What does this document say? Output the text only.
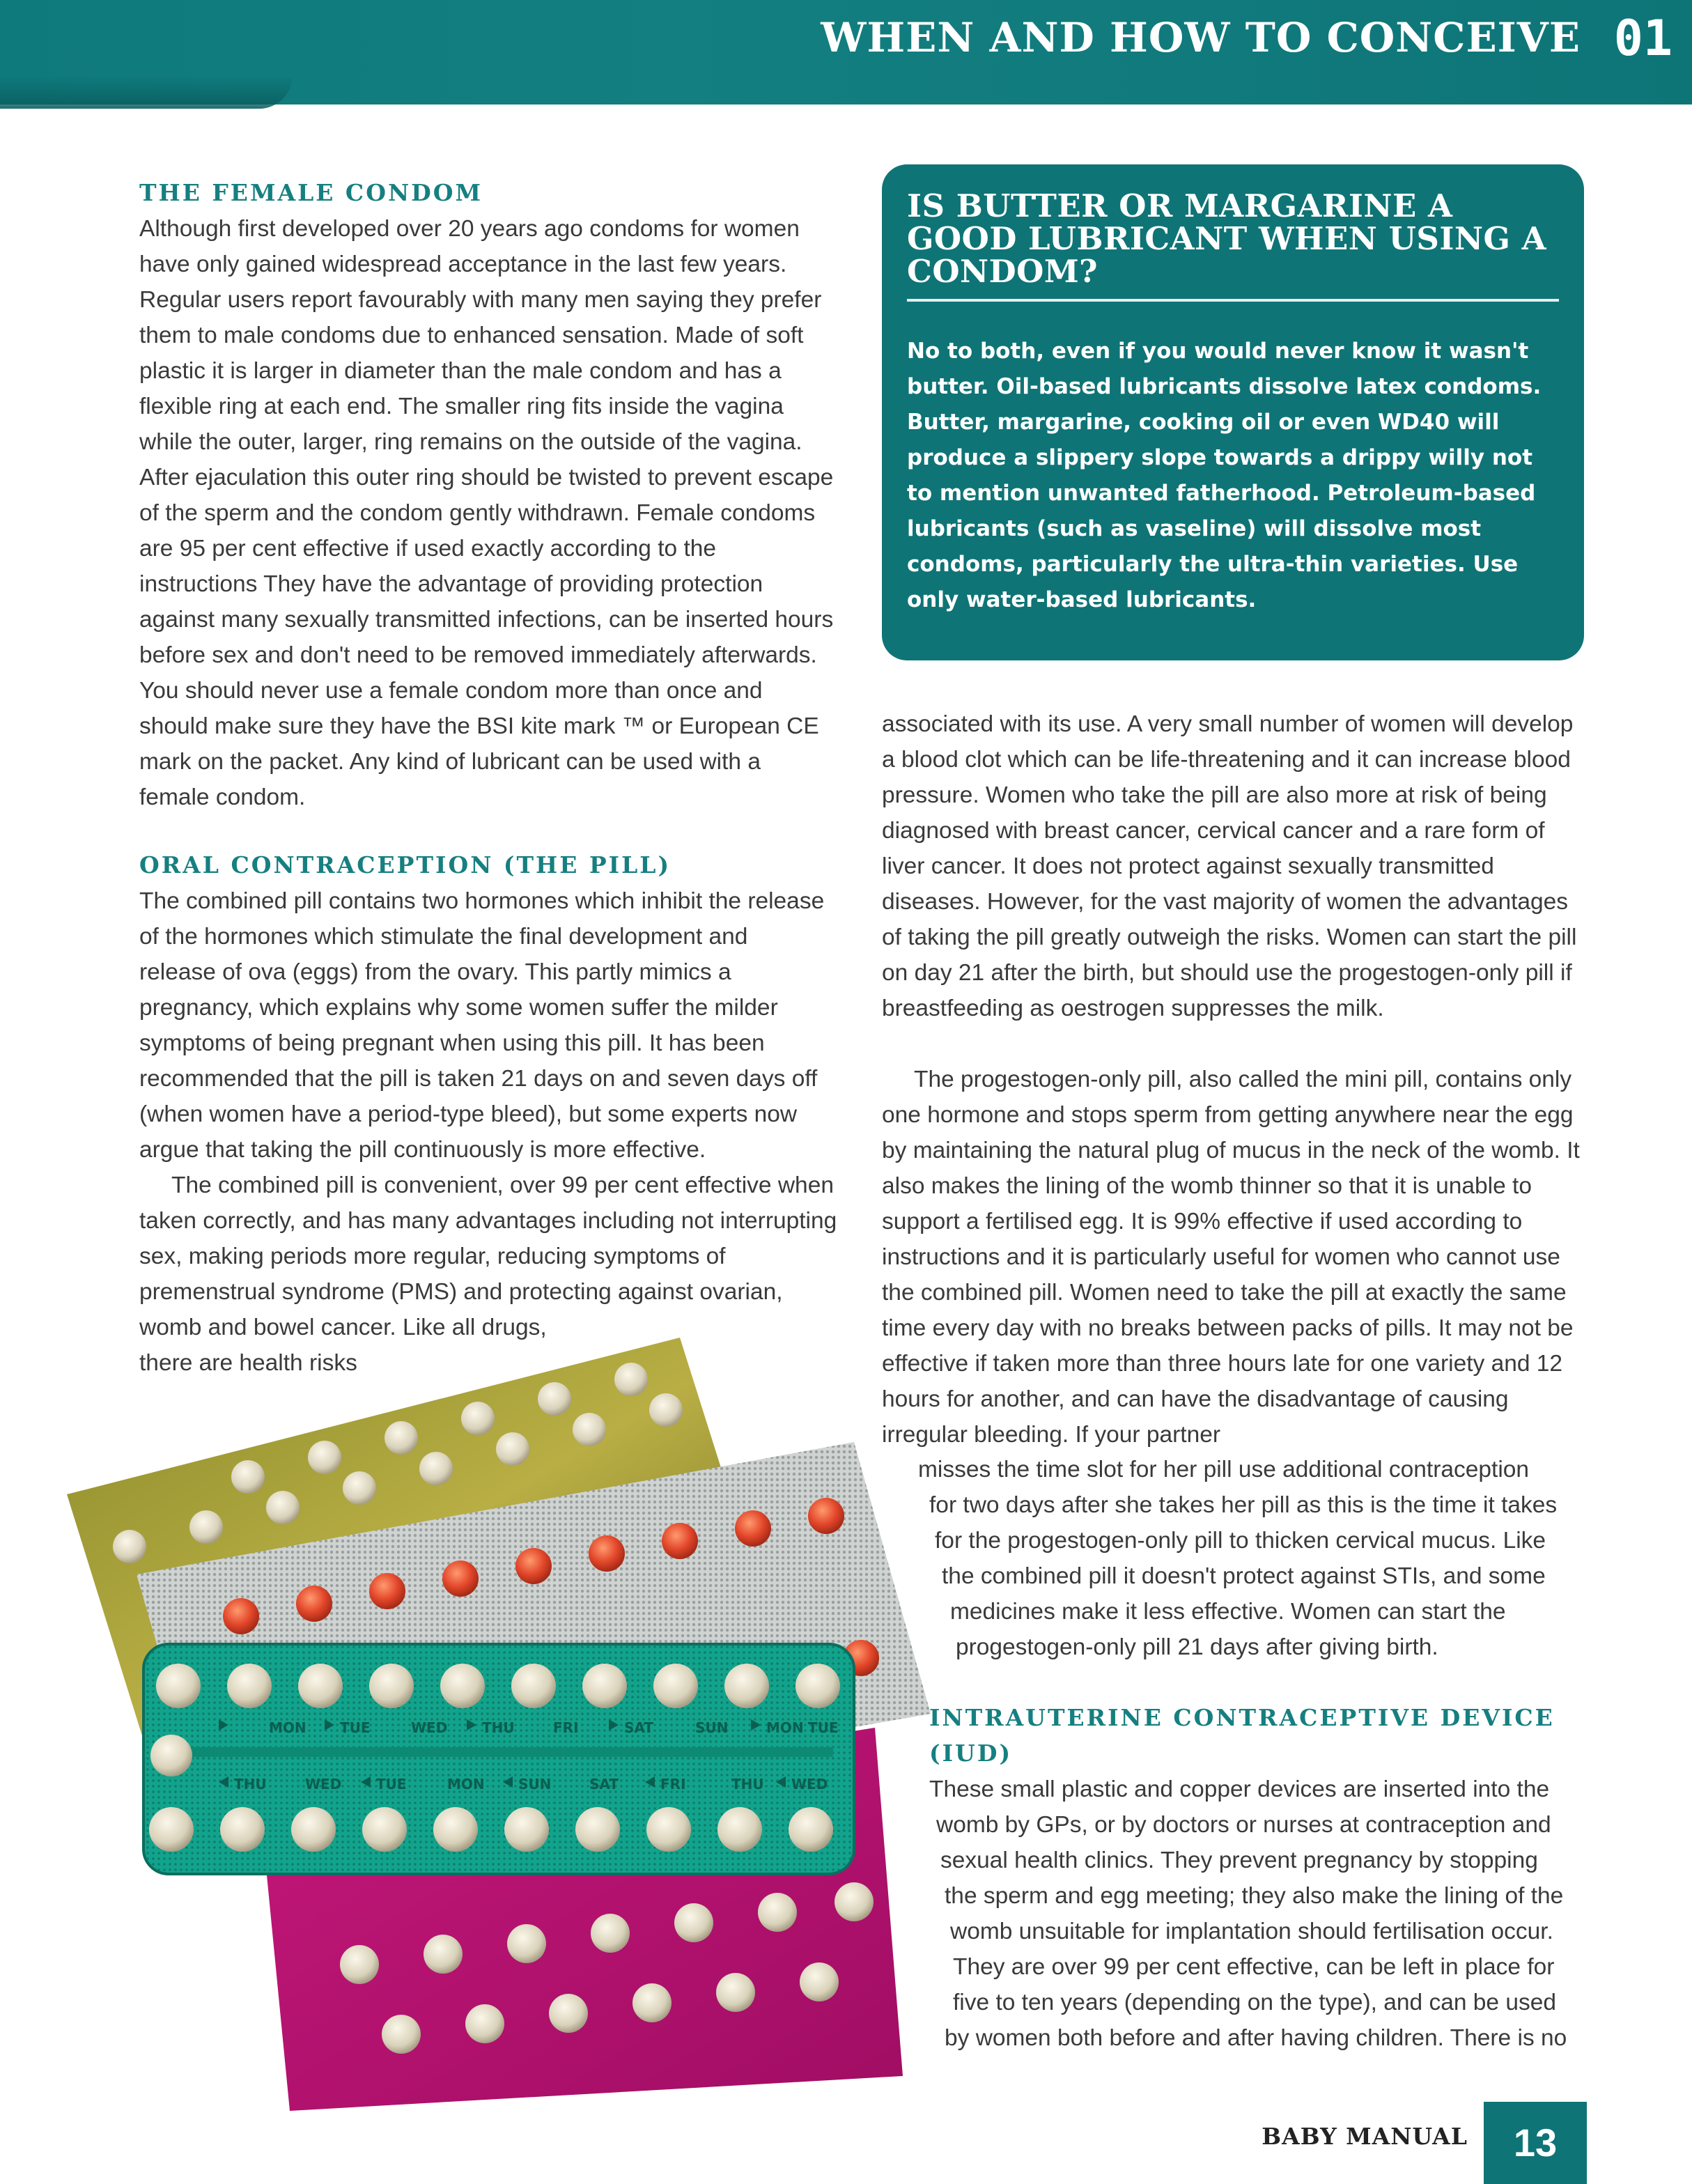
WHEN AND HOW TO CONCEIVE 01
THE FEMALE CONDOM

Although first developed over 20 years ago condoms for women have only gained widespread acceptance in the last few years. Regular users report favourably with many men saying they prefer them to male condoms due to enhanced sensation. Made of soft plastic it is larger in diameter than the male condom and has a flexible ring at each end. The smaller ring fits inside the vagina while the outer, larger, ring remains on the outside of the vagina. After ejaculation this outer ring should be twisted to prevent escape of the sperm and the condom gently withdrawn. Female condoms are 95 per cent effective if used exactly according to the instructions They have the advantage of providing protection against many sexually transmitted infections, can be inserted hours before sex and don't need to be removed immediately afterwards. You should never use a female condom more than once and should make sure they have the BSI kite mark ™ or European CE mark on the packet. Any kind of lubricant can be used with a female condom.

ORAL CONTRACEPTION (THE PILL)

The combined pill contains two hormones which inhibit the release of the hormones which stimulate the final development and release of ova (eggs) from the ovary. This partly mimics a pregnancy, which explains why some women suffer the milder symptoms of being pregnant when using this pill. It has been recommended that the pill is taken 21 days on and seven days off (when women have a period-type bleed), but some experts now argue that taking the pill continuously is more effective.

The combined pill is convenient, over 99 per cent effective when taken correctly, and has many advantages including not interrupting sex, making periods more regular, reducing symptoms of premenstrual syndrome (PMS) and protecting against ovarian, womb and bowel cancer. Like all drugs,

there are health risks

IS BUTTER OR MARGARINE A GOOD LUBRICANT WHEN USING A CONDOM?

No to both, even if you would never know it wasn't butter. Oil-based lubricants dissolve latex condoms. Butter, margarine, cooking oil or even WD40 will produce a slippery slope towards a drippy willy not to mention unwanted fatherhood. Petroleum-based lubricants (such as vaseline) will dissolve most condoms, particularly the ultra-thin varieties. Use only water-based lubricants.

associated with its use. A very small number of women will develop a blood clot which can be life-threatening and it can increase blood pressure. Women who take the pill are also more at risk of being diagnosed with breast cancer, cervical cancer and a rare form of liver cancer. It does not protect against sexually transmitted diseases. However, for the vast majority of women the advantages of taking the pill greatly outweigh the risks. Women can start the pill on day 21 after the birth, but should use the progestogen-only pill if breastfeeding as oestrogen suppresses the milk.

The progestogen-only pill, also called the mini pill, contains only one hormone and stops sperm from getting anywhere near the egg by maintaining the natural plug of mucus in the neck of the womb. It also makes the lining of the womb thinner so that it is unable to support a fertilised egg. It is 99% effective if used according to instructions and it is particularly useful for women who cannot use the combined pill. Women need to take the pill at exactly the same time every day with no breaks between packs of pills. It may not be effective if taken more than three hours late for one variety and 12 hours for another, and can have the disadvantage of causing irregular bleeding. If your partner

misses the time slot for her pill use additional contraception

for two days after she takes her pill as this is the time it takes

for the progestogen-only pill to thicken cervical mucus. Like

the combined pill it doesn't protect against STIs, and some

medicines make it less effective. Women can start the

progestogen-only pill 21 days after giving birth.

INTRAUTERINE CONTRACEPTIVE DEVICE
(IUD)

These small plastic and copper devices are inserted into the

womb by GPs, or by doctors or nurses at contraception and

sexual health clinics. They prevent pregnancy by stopping

the sperm and egg meeting; they also make the lining of the

womb unsuitable for implantation should fertilisation occur.

They are over 99 per cent effective, can be left in place for

five to ten years (depending on the type), and can be used

by women both before and after having children. There is no

MON TUE	WED THU	FRI	SAT	SUN	MON TUE
THU	WED TUE	MON SUN	SAT	FRI	THU WED
BABY MANUAL	13
